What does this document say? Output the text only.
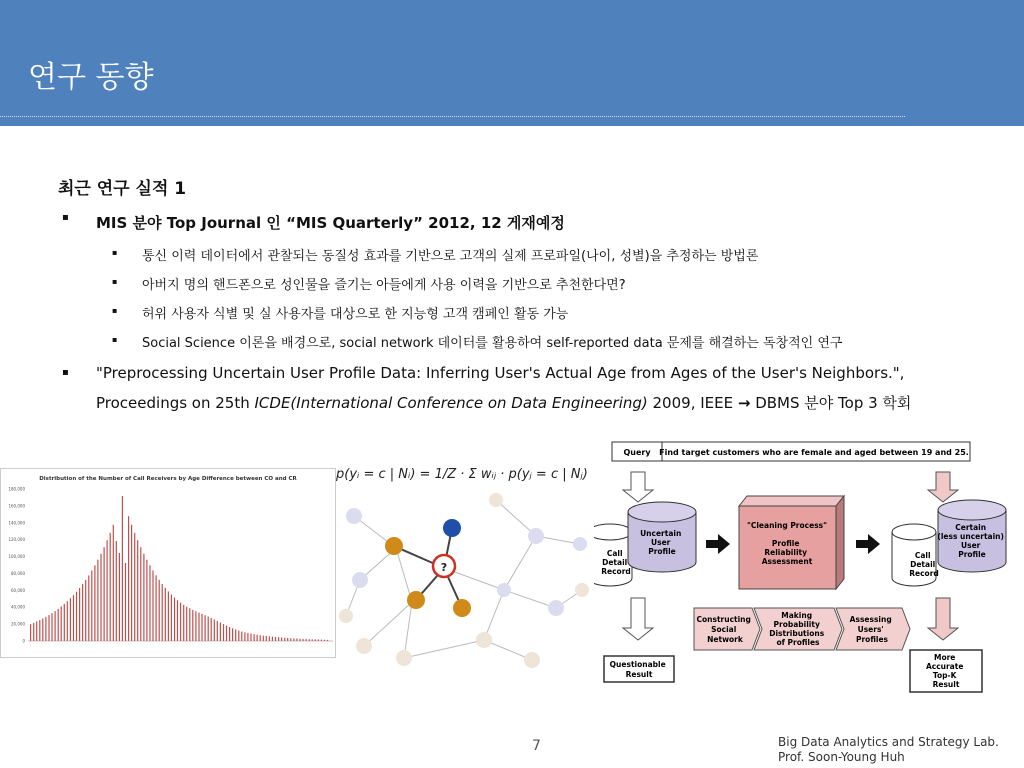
연구 동향
최근 연구 실적 1
▪ MIS 분야 Top Journal 인 “MIS Quarterly” 2012, 12 게재예정
▪ 통신 이력 데이터에서 관찰되는 동질성 효과를 기반으로 고객의 실제 프로파일(나이, 성별)을 추정하는 방법론
▪ 아버지 명의 핸드폰으로 성인물을 즐기는 아들에게 사용 이력을 기반으로 추천한다면?
▪ 허위 사용자 식별 및 실 사용자를 대상으로 한 지능형 고객 캠페인 활동 가능
▪ Social Science 이론을 배경으로, social network 데이터를 활용하여 self-reported data 문제를 해결하는 독창적인 연구
▪ "Preprocessing Uncertain User Profile Data: Inferring User's Actual Age from Ages of the User's Neighbors.",
Proceedings on 25th ICDE(International Conference on Data Engineering) 2009, IEEE → DBMS 분야 Top 3 학회
Distribution of the Number of Call Receivers by Age Difference between CO and CR
180,000
160,000
140,000
120,000
100,000
80,000
60,000
40,000
20,000
0
p(yᵢ = c | Nᵢ) = 1/Z · Σ wᵢⱼ · p(yⱼ = c | Nⱼ)
?
Query Find target customers who are female and aged between 19 and 25.
Call Detail Record
Uncertain User Profile
"Cleaning Process"
Profile Reliability Assessment
Call Detail Record
Certain (less uncertain) User Profile
Constructing Social Network
Making Probability Distributions of Profiles
Assessing Users' Profiles
Questionable Result
More Accurate Top-K Result
7	Big Data Analytics and Strategy Lab.
Prof. Soon-Young Huh
